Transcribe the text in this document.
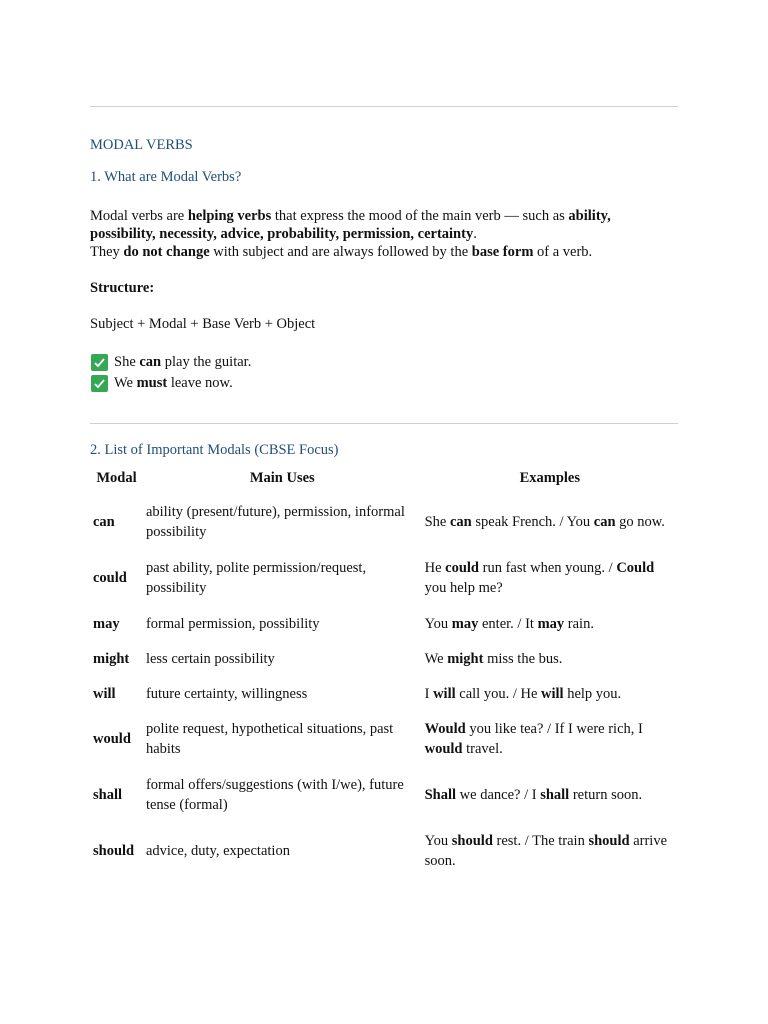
MODAL VERBS
1. What are Modal Verbs?
Modal verbs are helping verbs that express the mood of the main verb — such as ability, possibility, necessity, advice, probability, permission, certainty.
They do not change with subject and are always followed by the base form of a verb.
Structure:
Subject + Modal + Base Verb + Object
She can play the guitar.
We must leave now.
2. List of Important Modals (CBSE Focus)
Modal	Main Uses	Examples
can	ability (present/future), permission, informal possibility	She can speak French. / You can go now.
could	past ability, polite permission/request, possibility	He could run fast when young. / Could you help me?
may	formal permission, possibility	You may enter. / It may rain.
might	less certain possibility	We might miss the bus.
will	future certainty, willingness	I will call you. / He will help you.
would	polite request, hypothetical situations, past habits	Would you like tea? / If I were rich, I would travel.
shall	formal offers/suggestions (with I/we), future tense (formal)	Shall we dance? / I shall return soon.
should	advice, duty, expectation	You should rest. / The train should arrive soon.
